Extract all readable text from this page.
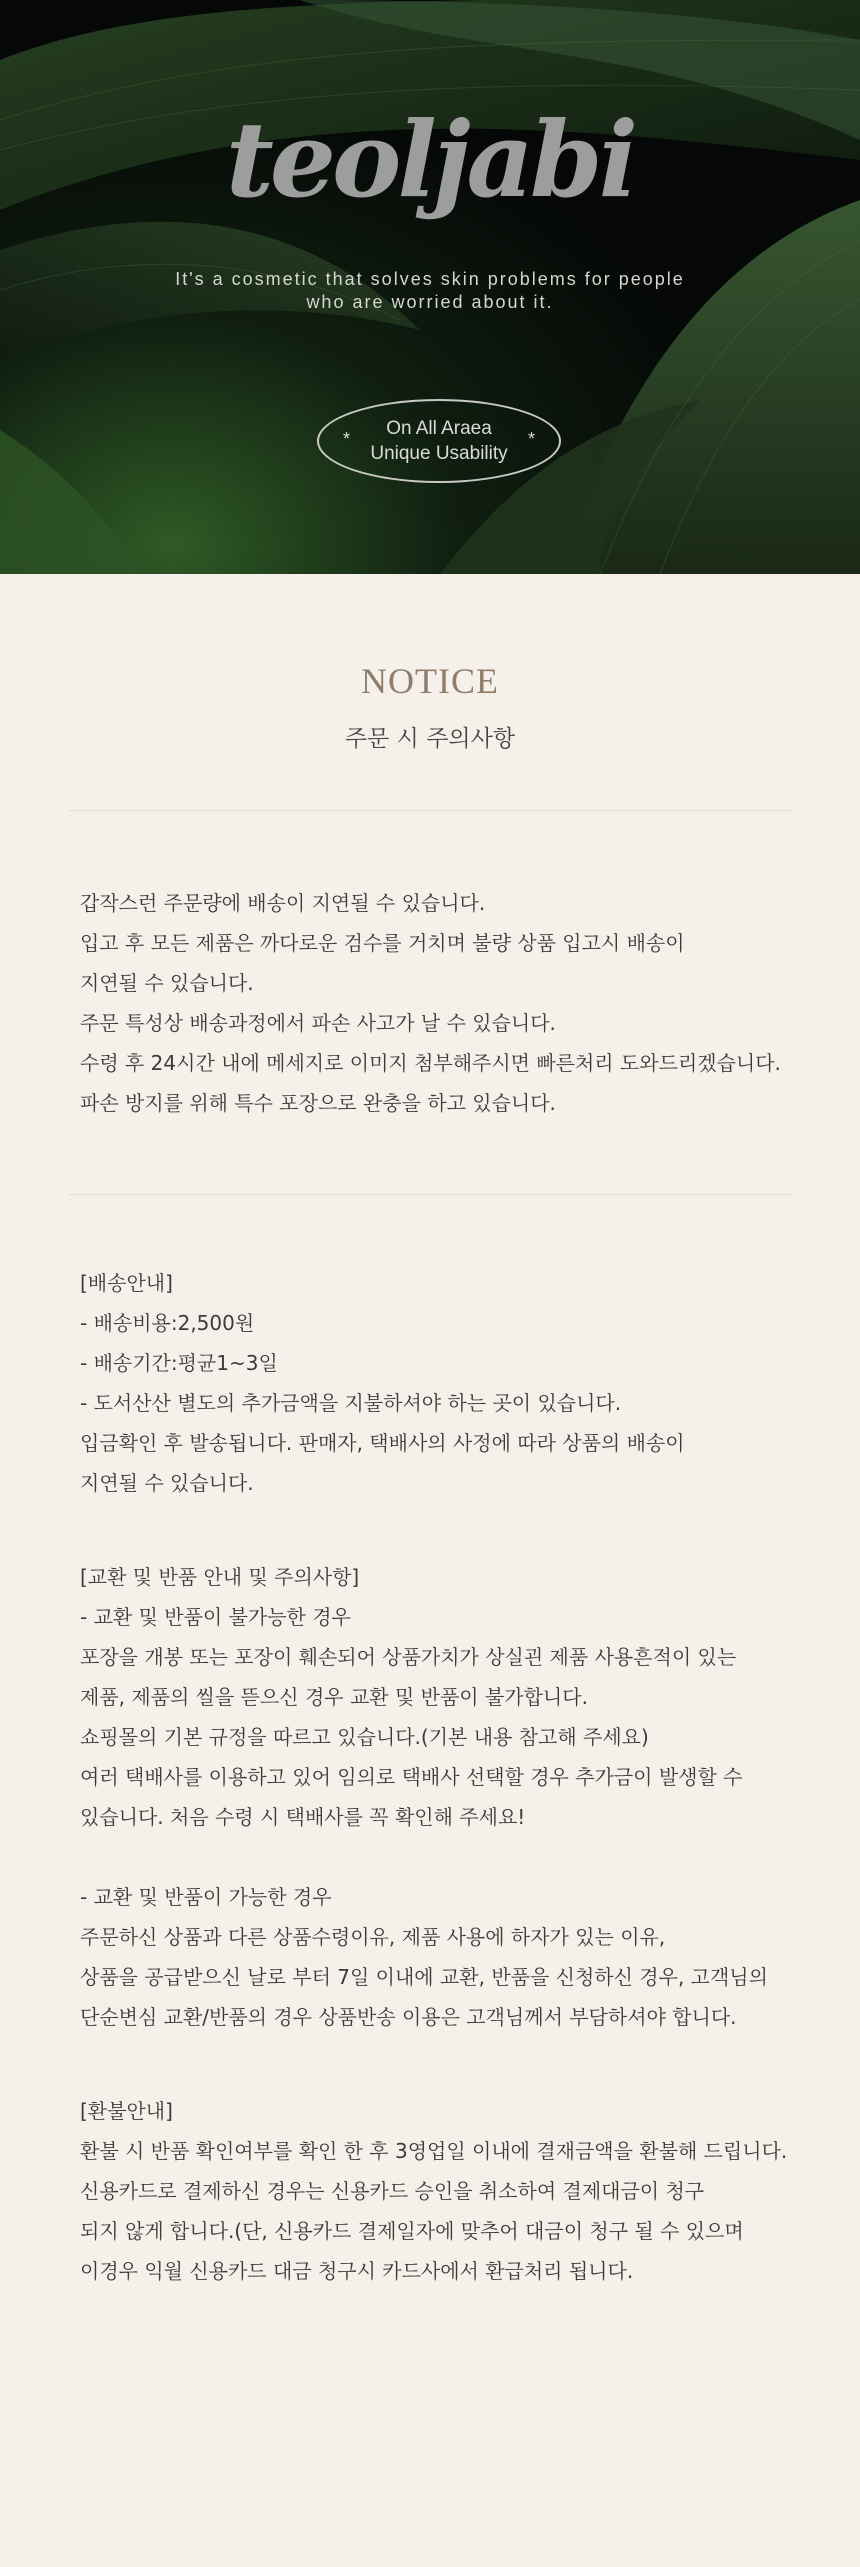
teoljabi
It's a cosmetic that solves skin problems for people
who are worried about it.
*	On All Araea
Unique Usability
*
NOTICE
주문 시 주의사항

갑작스런 주문량에 배송이 지연될 수 있습니다.

입고 후 모든 제품은 까다로운 검수를 거치며 불량 상품 입고시 배송이

지연될 수 있습니다.

주문 특성상 배송과정에서 파손 사고가 날 수 있습니다.

수령 후 24시간 내에 메세지로 이미지 첨부해주시면 빠른처리 도와드리겠습니다.

파손 방지를 위해 특수 포장으로 완충을 하고 있습니다.

[배송안내]

- 배송비용:2,500원

- 배송기간:평균1~3일

- 도서산산 별도의 추가금액을 지불하셔야 하는 곳이 있습니다.

입금확인 후 발송됩니다. 판매자, 택배사의 사정에 따라 상품의 배송이

지연될 수 있습니다.

[교환 및 반품 안내 및 주의사항]

- 교환 및 반품이 불가능한 경우

포장을 개봉 또는 포장이 훼손되어 상품가치가 상실괸 제품 사용흔적이 있는

제품, 제품의 씰을 뜯으신 경우 교환 및 반품이 불가합니다.

쇼핑몰의 기본 규정을 따르고 있습니다.(기본 내용 참고해 주세요)

여러 택배사를 이용하고 있어 임의로 택배사 선택할 경우 추가금이 발생할 수

있습니다. 처음 수령 시 택배사를 꼭 확인해 주세요!

- 교환 및 반품이 가능한 경우

주문하신 상품과 다른 상품수령이유, 제품 사용에 하자가 있는 이유,

상품을 공급받으신 날로 부터 7일 이내에 교환, 반품을 신청하신 경우, 고객님의

단순변심 교환/반품의 경우 상품반송 이용은 고객님께서 부담하셔야 합니다.

[환불안내]

환불 시 반품 확인여부를 확인 한 후 3영업일 이내에 결재금액을 환불해 드립니다.

신용카드로 결제하신 경우는 신용카드 승인을 취소하여 결제대금이 청구

되지 않게 합니다.(단, 신용카드 결제일자에 맞추어 대금이 청구 될 수 있으며

이경우 익월 신용카드 대금 청구시 카드사에서 환급처리 됩니다.
